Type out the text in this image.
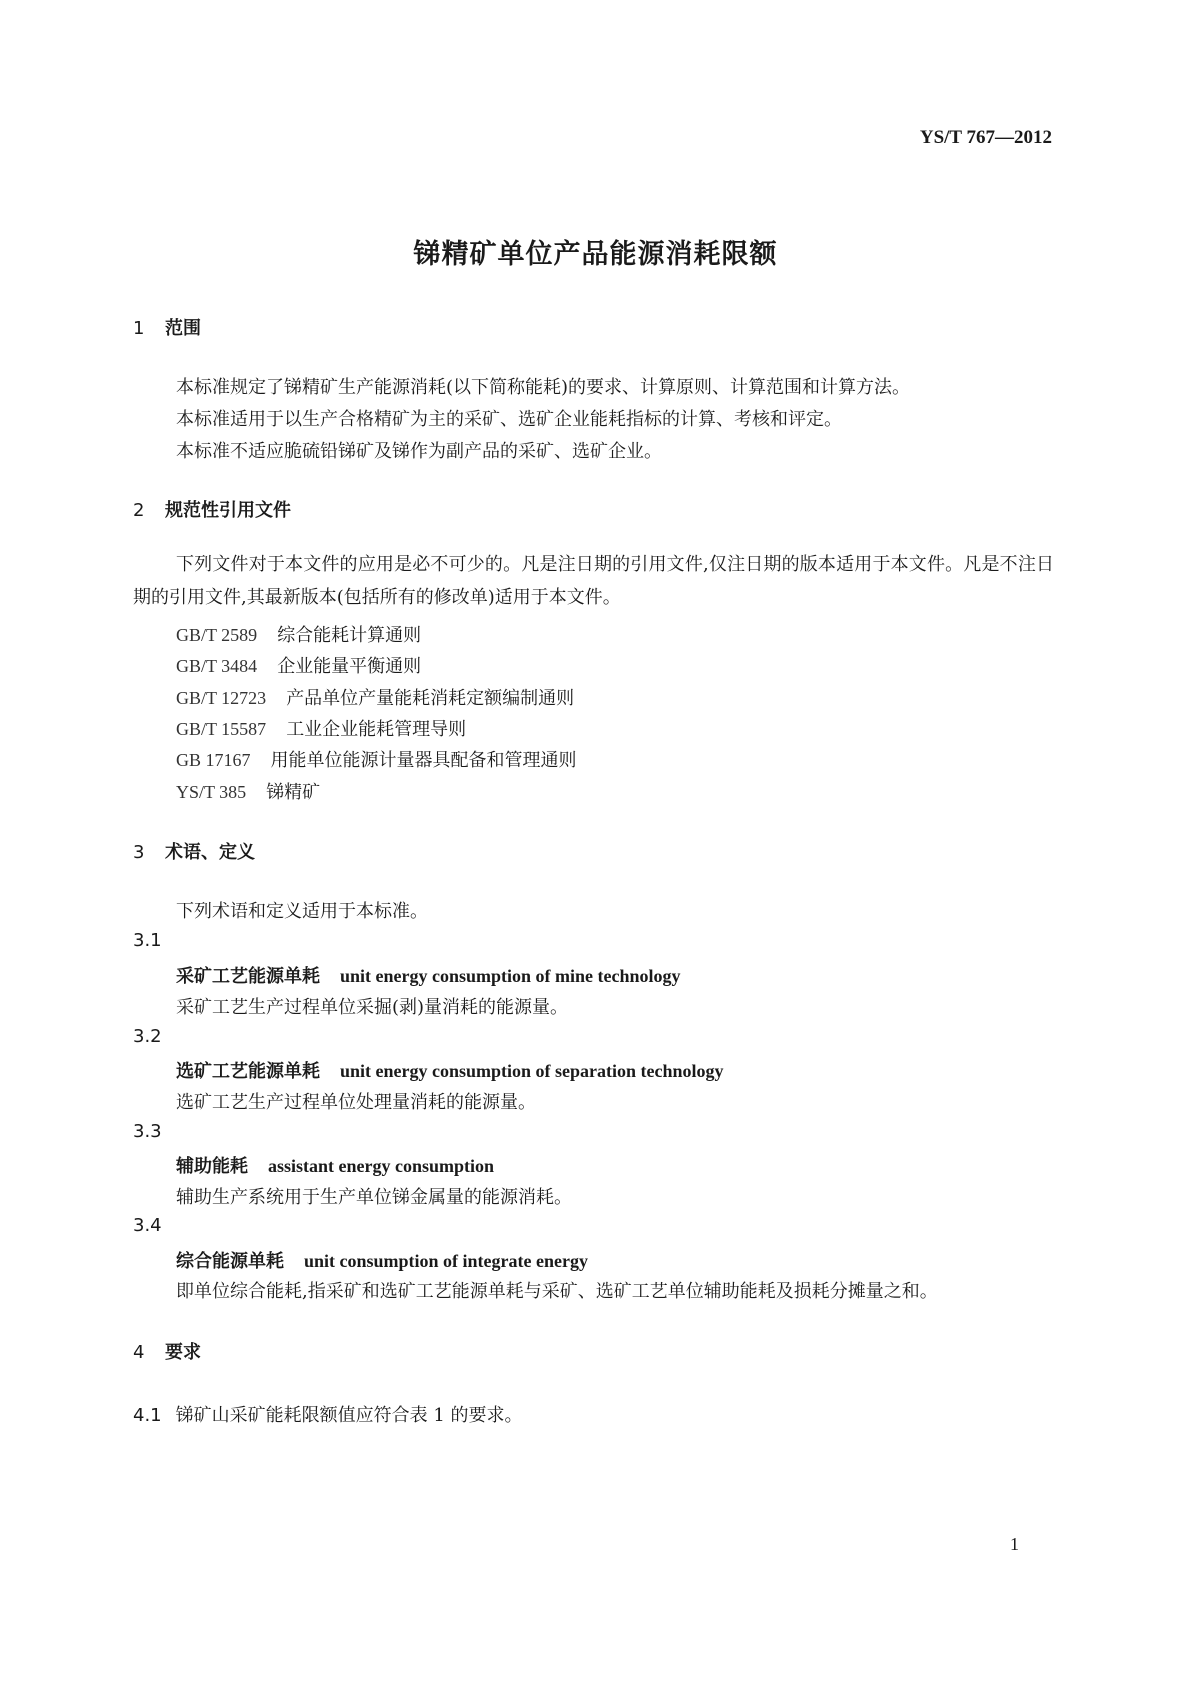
YS/T 767—2012
锑精矿单位产品能源消耗限额
1 范围
本标准规定了锑精矿生产能源消耗(以下简称能耗)的要求、计算原则、计算范围和计算方法。
本标准适用于以生产合格精矿为主的采矿、选矿企业能耗指标的计算、考核和评定。
本标准不适应脆硫铅锑矿及锑作为副产品的采矿、选矿企业。
2 规范性引用文件
下列文件对于本文件的应用是必不可少的。凡是注日期的引用文件,仅注日期的版本适用于本文件。凡是不注日期的引用文件,其最新版本(包括所有的修改单)适用于本文件。
GB/T 2589 综合能耗计算通则
GB/T 3484 企业能量平衡通则
GB/T 12723 产品单位产量能耗消耗定额编制通则
GB/T 15587 工业企业能耗管理导则
GB 17167 用能单位能源计量器具配备和管理通则
YS/T 385 锑精矿
3 术语、定义
下列术语和定义适用于本标准。
3.1
采矿工艺能源单耗 unit energy consumption of mine technology
采矿工艺生产过程单位采掘(剥)量消耗的能源量。
3.2
选矿工艺能源单耗 unit energy consumption of separation technology
选矿工艺生产过程单位处理量消耗的能源量。
3.3
辅助能耗 assistant energy consumption
辅助生产系统用于生产单位锑金属量的能源消耗。
3.4
综合能源单耗 unit consumption of integrate energy
即单位综合能耗,指采矿和选矿工艺能源单耗与采矿、选矿工艺单位辅助能耗及损耗分摊量之和。
4 要求
4.1 锑矿山采矿能耗限额值应符合表 1 的要求。
1
